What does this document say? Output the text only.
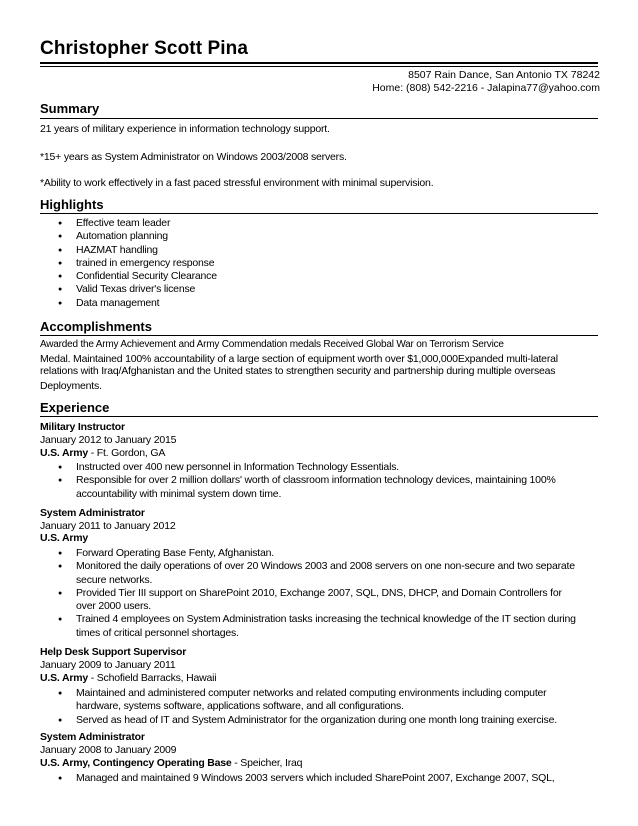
Christopher Scott Pina
8507 Rain Dance, San Antonio TX 78242
Home: (808) 542-2216 - Jalapina77@yahoo.com
Summary
21 years of military experience in information technology support.
*15+ years as System Administrator on Windows 2003/2008 servers.
*Ability to work effectively in a fast paced stressful environment with minimal supervision.
Highlights
● Effective team leader
● Automation planning
● HAZMAT handling
● trained in emergency response
● Confidential Security Clearance
● Valid Texas driver's license
● Data management
Accomplishments
Awarded the Army Achievement and Army Commendation medals Received Global War on Terrorism Service
Medal. Maintained 100% accountability of a large section of equipment worth over $1,000,000Expanded multi-lateral
relations with Iraq/Afghanistan and the United states to strengthen security and partnership during multiple overseas
Deployments.
Experience
Military Instructor
January 2012 to January 2015
U.S. Army - Ft. Gordon, GA
● Instructed over 400 new personnel in Information Technology Essentials.
● Responsible for over 2 million dollars' worth of classroom information technology devices, maintaining 100%
accountability with minimal system down time.
System Administrator
January 2011 to January 2012
U.S. Army
● Forward Operating Base Fenty, Afghanistan.
● Monitored the daily operations of over 20 Windows 2003 and 2008 servers on one non-secure and two separate
secure networks.
● Provided Tier III support on SharePoint 2010, Exchange 2007, SQL, DNS, DHCP, and Domain Controllers for
over 2000 users.
● Trained 4 employees on System Administration tasks increasing the technical knowledge of the IT section during
times of critical personnel shortages.
Help Desk Support Supervisor
January 2009 to January 2011
U.S. Army - Schofield Barracks, Hawaii
● Maintained and administered computer networks and related computing environments including computer
hardware, systems software, applications software, and all configurations.
● Served as head of IT and System Administrator for the organization during one month long training exercise.
System Administrator
January 2008 to January 2009
U.S. Army, Contingency Operating Base - Speicher, Iraq
● Managed and maintained 9 Windows 2003 servers which included SharePoint 2007, Exchange 2007, SQL,
